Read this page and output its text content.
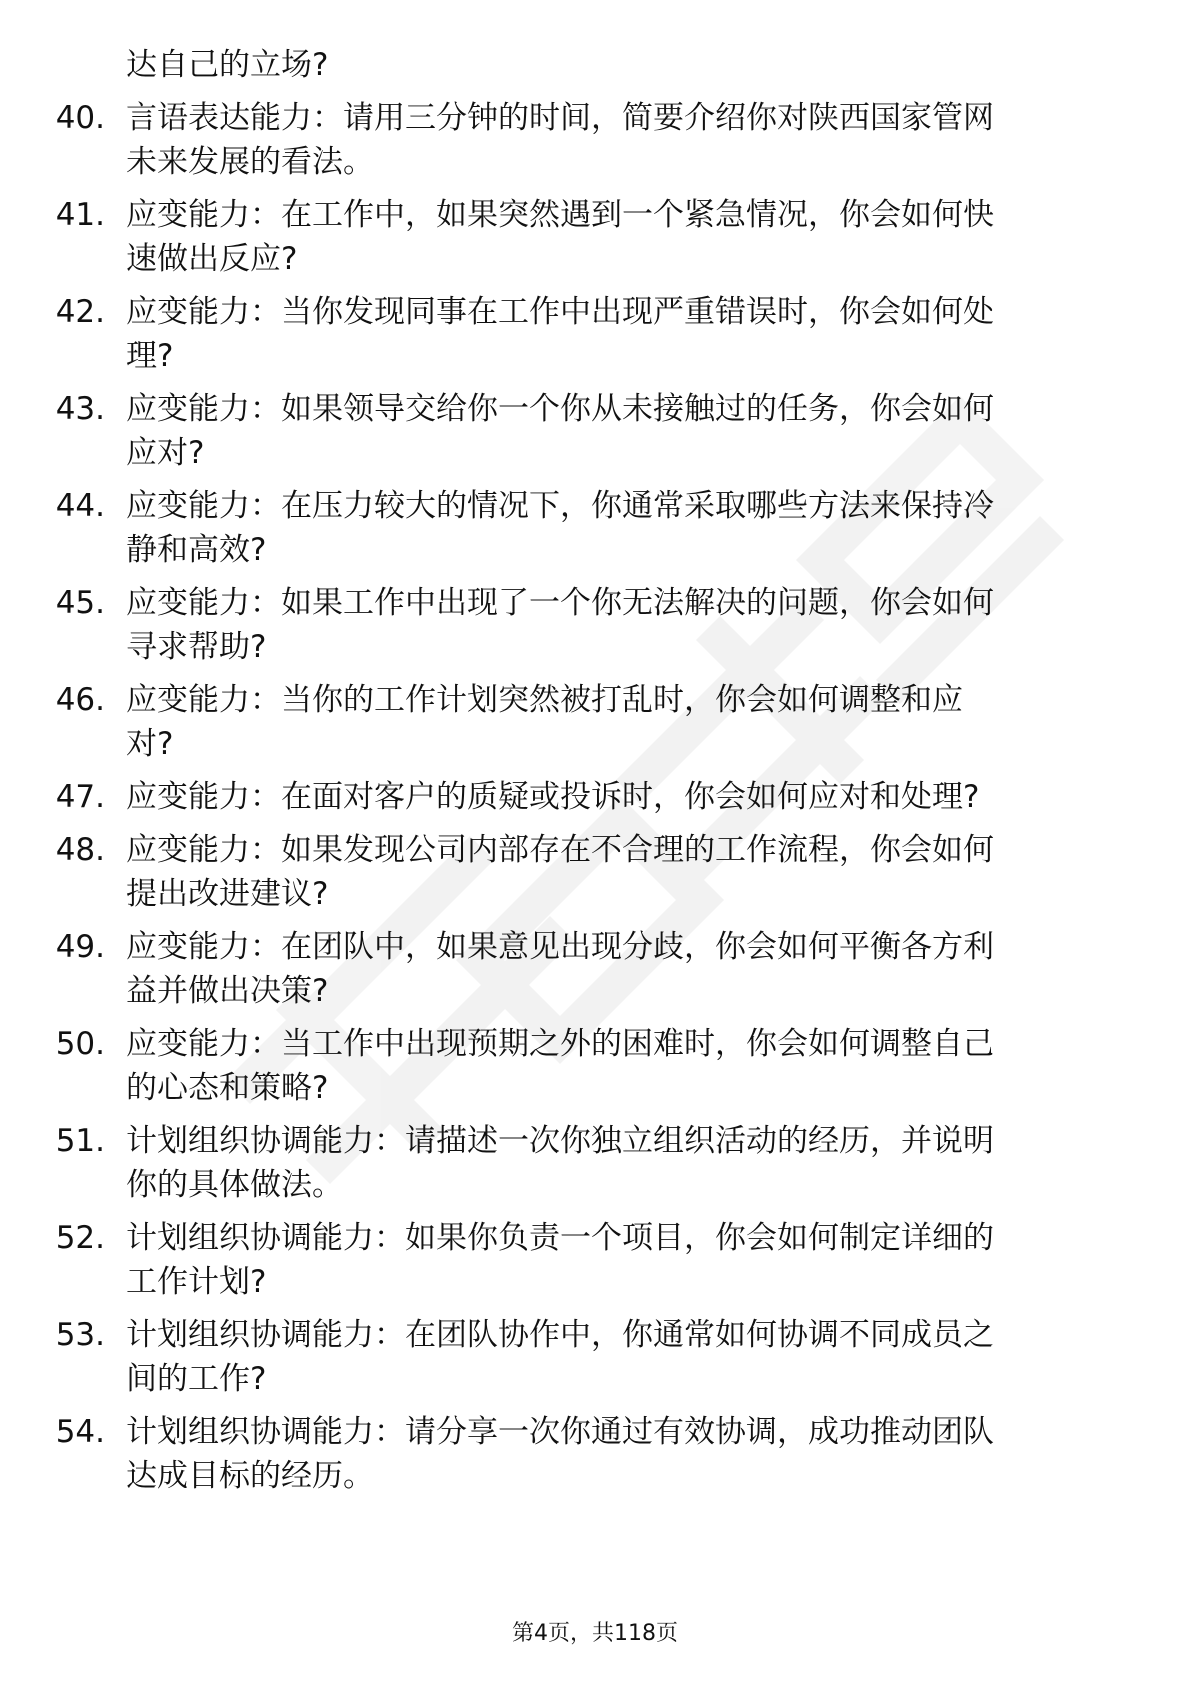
达自己的立场?
40. 言语表达能力：请用三分钟的时间，简要介绍你对陕西国家管网
未来发展的看法。
41. 应变能力：在工作中，如果突然遇到一个紧急情况，你会如何快
速做出反应?
42. 应变能力：当你发现同事在工作中出现严重错误时，你会如何处
理?
43. 应变能力：如果领导交给你一个你从未接触过的任务，你会如何
应对?
44. 应变能力：在压力较大的情况下，你通常采取哪些方法来保持冷
静和高效?
45. 应变能力：如果工作中出现了一个你无法解决的问题，你会如何
寻求帮助?
46. 应变能力：当你的工作计划突然被打乱时，你会如何调整和应
对?
47. 应变能力：在面对客户的质疑或投诉时，你会如何应对和处理?
48. 应变能力：如果发现公司内部存在不合理的工作流程，你会如何
提出改进建议?
49. 应变能力：在团队中，如果意见出现分歧，你会如何平衡各方利
益并做出决策?
50. 应变能力：当工作中出现预期之外的困难时，你会如何调整自己
的心态和策略?
51. 计划组织协调能力：请描述一次你独立组织活动的经历，并说明
你的具体做法。
52. 计划组织协调能力：如果你负责一个项目，你会如何制定详细的
工作计划?
53. 计划组织协调能力：在团队协作中，你通常如何协调不同成员之
间的工作?
54. 计划组织协调能力：请分享一次你通过有效协调，成功推动团队
达成目标的经历。
第4页，共118页
